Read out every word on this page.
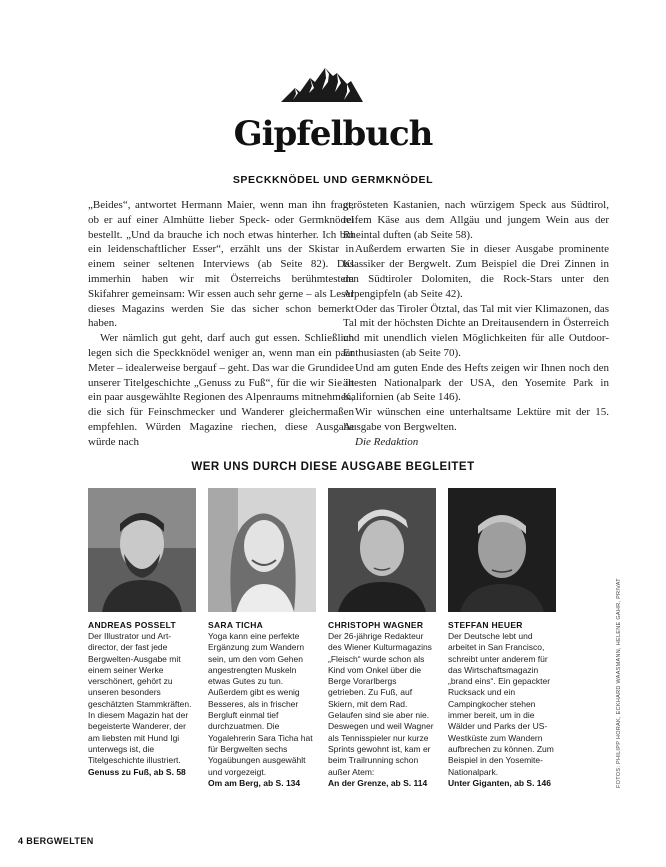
Gipfelbuch
SPECKKNÖDEL UND GERMKNÖDEL

„Beides“, antwortet Hermann Maier, wenn man ihn fragt, ob er auf einer Almhütte lieber Speck- oder Germknödel bestellt. „Und da brauche ich noch etwas hinterher. Ich bin ein leidenschaftlicher Esser“, erzählt uns der Skistar in einem seiner seltenen Interviews (ab Seite 82). Das immerhin haben wir mit Österreichs berühmtestem Skifahrer gemeinsam: Wir essen auch sehr gerne – als Leser dieses Magazins werden Sie das sicher schon bemerkt haben.

Wer nämlich gut geht, darf auch gut essen. Schließlich legen sich die Speckknödel weniger an, wenn man ein paar Meter – idealerweise bergauf – geht. Das war die Grundidee unserer Titelgeschichte „Genuss zu Fuß“, für die wir Sie in ein paar ausgewählte Regionen des Alpenraums mitnehmen, die sich für Feinschmecker und Wanderer gleichermaßen empfehlen. Würden Magazine riechen, diese Ausgabe würde nach

gerösteten Kastanien, nach würzigem Speck aus Südtirol, reifem Käse aus dem Allgäu und jungem Wein aus der Rheintal duften (ab Seite 58).

Außerdem erwarten Sie in dieser Ausgabe prominente Klassiker der Bergwelt. Zum Beispiel die Drei Zinnen in den Südtiroler Dolomiten, die Rock-Stars unter den Alpengipfeln (ab Seite 42).

Oder das Tiroler Ötztal, das Tal mit vier Klimazonen, das Tal mit der höchsten Dichte an Dreitausendern in Österreich und mit unendlich vielen Möglichkeiten für alle Outdoor-Enthusiasten (ab Seite 70).

Und am guten Ende des Hefts zeigen wir Ihnen noch den ältesten Nationalpark der USA, den Yosemite Park in Kalifornien (ab Seite 146).

Wir wünschen eine unterhaltsame Lektüre mit der 15. Ausgabe von Bergwelten.

Die Redaktion

WER UNS DURCH DIESE AUSGABE BEGLEITET
ANDREAS POSSELT
Der Illustrator und Art-director, der fast jede Bergwelten-Ausgabe mit einem seiner Werke verschönert, gehört zu unseren besonders geschätzten Stammkräften. In diesem Magazin hat der begeisterte Wanderer, der am liebsten mit Hund Igi unterwegs ist, die Titelgeschichte illustriert.
Genuss zu Fuß, ab S. 58
SARA TICHA
Yoga kann eine perfekte Ergänzung zum Wandern sein, um den vom Gehen angestrengten Muskeln etwas Gutes zu tun. Außerdem gibt es wenig Besseres, als in frischer Bergluft einmal tief durchzuatmen. Die Yogalehrerin Sara Ticha hat für Bergwelten sechs Yogaübungen ausgewählt und vorgezeigt.
Om am Berg, ab S. 134
CHRISTOPH WAGNER
Der 26-jährige Redakteur des Wiener Kulturmagazins „Fleisch“ wurde schon als Kind vom Onkel über die Berge Vorarlbergs getrieben. Zu Fuß, auf Skiern, mit dem Rad. Gelaufen sind sie aber nie. Deswegen und weil Wagner als Tennisspieler nur kurze Sprints gewohnt ist, kam er beim Trailrunning schon außer Atem:
An der Grenze, ab S. 114
STEFFAN HEUER
Der Deutsche lebt und arbeitet in San Francisco, schreibt unter anderem für das Wirtschaftsmagazin „brand eins“. Ein gepackter Rucksack und ein Campingkocher stehen immer bereit, um in die Wälder und Parks der US-Westküste zum Wandern aufbrechen zu können. Zum Beispiel in den Yosemite-Nationalpark.
Unter Giganten, ab S. 146	FOTOS: PHILIPP HORAK, ECKHARD WAASMANN, HELENE GAHR, PRIVAT
4 BERGWELTEN
